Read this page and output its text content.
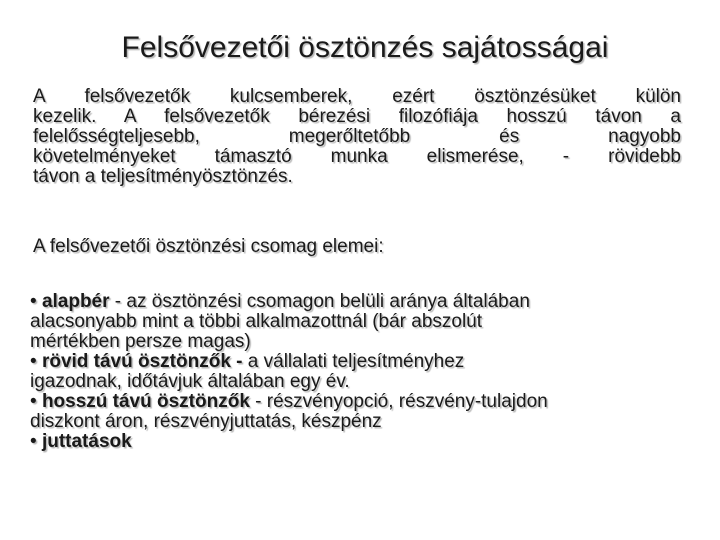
Felsővezetői ösztönzés sajátosságai

A felsővezetők kulcsemberek, ezért ösztönzésüket külön
kezelik. A felsővezetők bérezési filozófiája hosszú távon a
felelősségteljesebb, megerőltetőbb és nagyobb
követelményeket támasztó munka elismerése, - rövidebb
távon a teljesítményösztönzés.

A felsővezetői ösztönzési csomag elemei:

• alapbér - az ösztönzési csomagon belüli aránya általában
alacsonyabb mint a többi alkalmazottnál (bár abszolút
mértékben persze magas)
• rövid távú ösztönzők - a vállalati teljesítményhez
igazodnak, időtávjuk általában egy év.
• hosszú távú ösztönzők - részvényopció, részvény-tulajdon
diszkont áron, részvényjuttatás, készpénz
• juttatások
